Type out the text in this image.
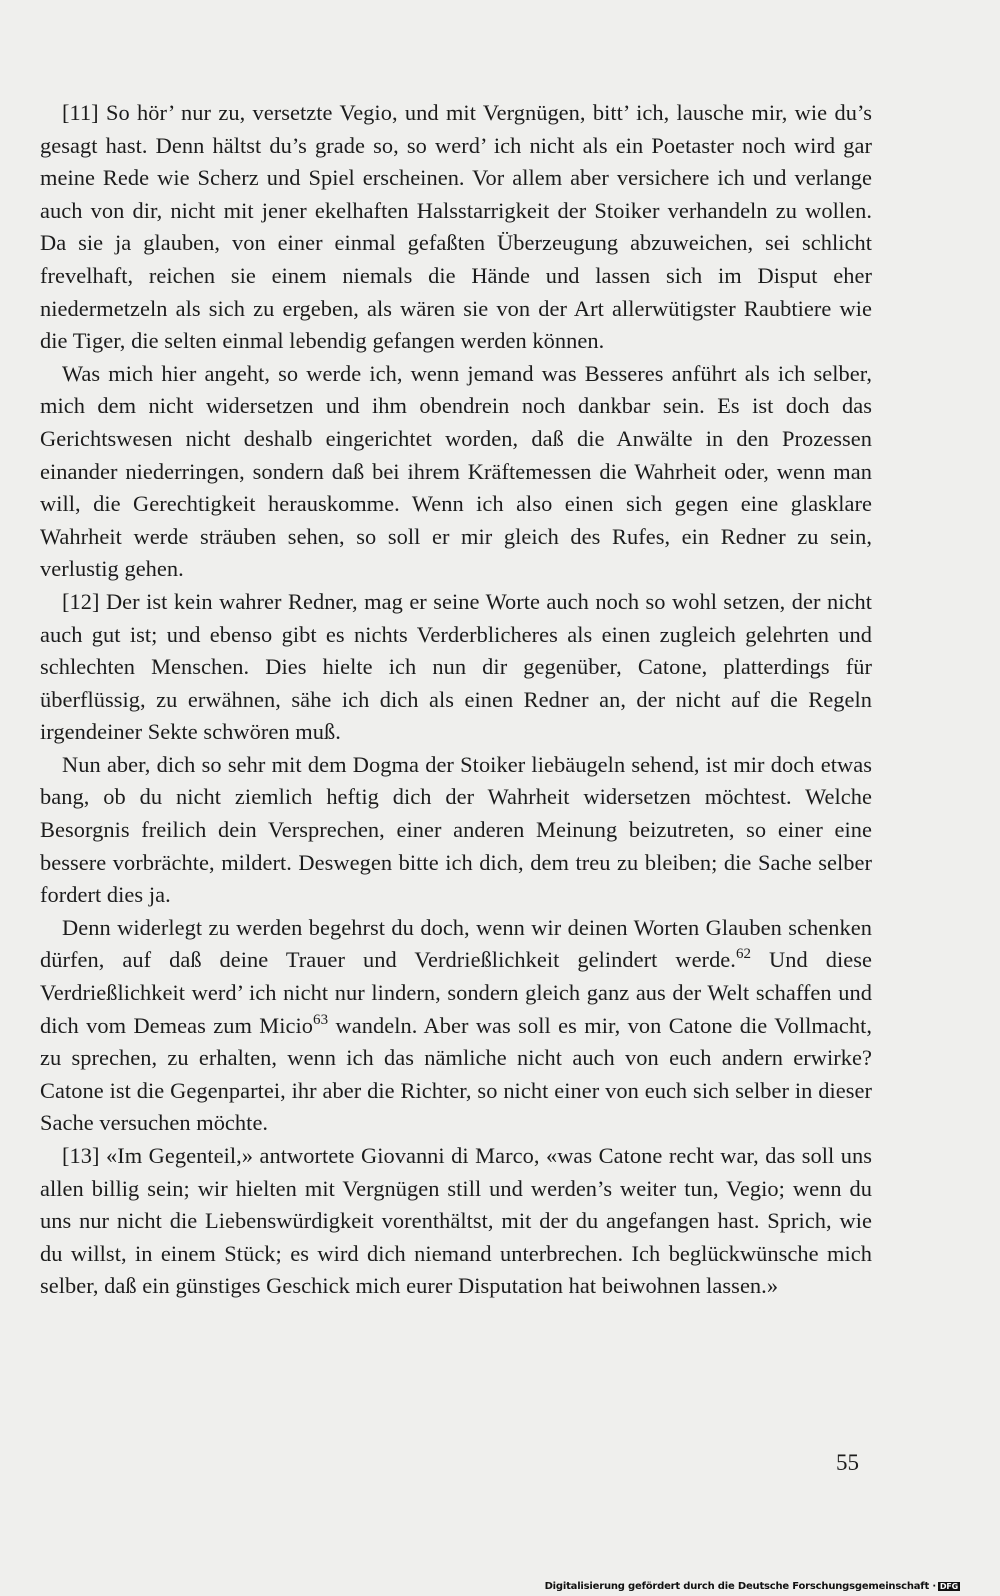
[11] So hör’ nur zu, versetzte Vegio, und mit Vergnügen, bitt’ ich, lausche mir, wie du’s gesagt hast. Denn hältst du’s grade so, so werd’ ich nicht als ein Poetaster noch wird gar meine Rede wie Scherz und Spiel erscheinen. Vor allem aber versichere ich und verlange auch von dir, nicht mit jener ekelhaften Halsstarrigkeit der Stoiker verhandeln zu wollen. Da sie ja glauben, von einer einmal gefaßten Überzeugung abzuweichen, sei schlicht frevelhaft, reichen sie einem niemals die Hände und lassen sich im Disput eher niedermetzeln als sich zu ergeben, als wären sie von der Art allerwütigster Raubtiere wie die Tiger, die selten einmal lebendig gefangen werden können.

Was mich hier angeht, so werde ich, wenn jemand was Besseres anführt als ich selber, mich dem nicht widersetzen und ihm obendrein noch dankbar sein. Es ist doch das Gerichtswesen nicht deshalb eingerichtet worden, daß die Anwälte in den Prozessen einander niederringen, sondern daß bei ihrem Kräftemessen die Wahrheit oder, wenn man will, die Gerechtigkeit herauskomme. Wenn ich also einen sich gegen eine glasklare Wahrheit werde sträuben sehen, so soll er mir gleich des Rufes, ein Redner zu sein, verlustig gehen.

[12] Der ist kein wahrer Redner, mag er seine Worte auch noch so wohl setzen, der nicht auch gut ist; und ebenso gibt es nichts Verderblicheres als einen zugleich gelehrten und schlechten Menschen. Dies hielte ich nun dir gegenüber, Catone, platterdings für überflüssig, zu erwähnen, sähe ich dich als einen Redner an, der nicht auf die Regeln irgendeiner Sekte schwören muß.

Nun aber, dich so sehr mit dem Dogma der Stoiker liebäugeln sehend, ist mir doch etwas bang, ob du nicht ziemlich heftig dich der Wahrheit widersetzen möchtest. Welche Besorgnis freilich dein Versprechen, einer anderen Meinung beizutreten, so einer eine bessere vorbrächte, mildert. Deswegen bitte ich dich, dem treu zu bleiben; die Sache selber fordert dies ja.

Denn widerlegt zu werden begehrst du doch, wenn wir deinen Worten Glauben schenken dürfen, auf daß deine Trauer und Verdrießlichkeit gelindert werde.$^{62}$ Und diese Verdrießlichkeit werd’ ich nicht nur lindern, sondern gleich ganz aus der Welt schaffen und dich vom Demeas zum Micio$^{63}$ wandeln. Aber was soll es mir, von Catone die Vollmacht, zu sprechen, zu erhalten, wenn ich das nämliche nicht auch von euch andern erwirke? Catone ist die Gegenpartei, ihr aber die Richter, so nicht einer von euch sich selber in dieser Sache versuchen möchte.

[13] «Im Gegenteil,» antwortete Giovanni di Marco, «was Catone recht war, das soll uns allen billig sein; wir hielten mit Vergnügen still und werden’s weiter tun, Vegio; wenn du uns nur nicht die Liebenswürdigkeit vorenthältst, mit der du angefangen hast. Sprich, wie du willst, in einem Stück; es wird dich niemand unterbrechen. Ich beglückwünsche mich selber, daß ein günstiges Geschick mich eurer Disputation hat beiwohnen lassen.»

55
Digitalisierung gefördert durch die Deutsche Forschungsgemeinschaft · DFG
